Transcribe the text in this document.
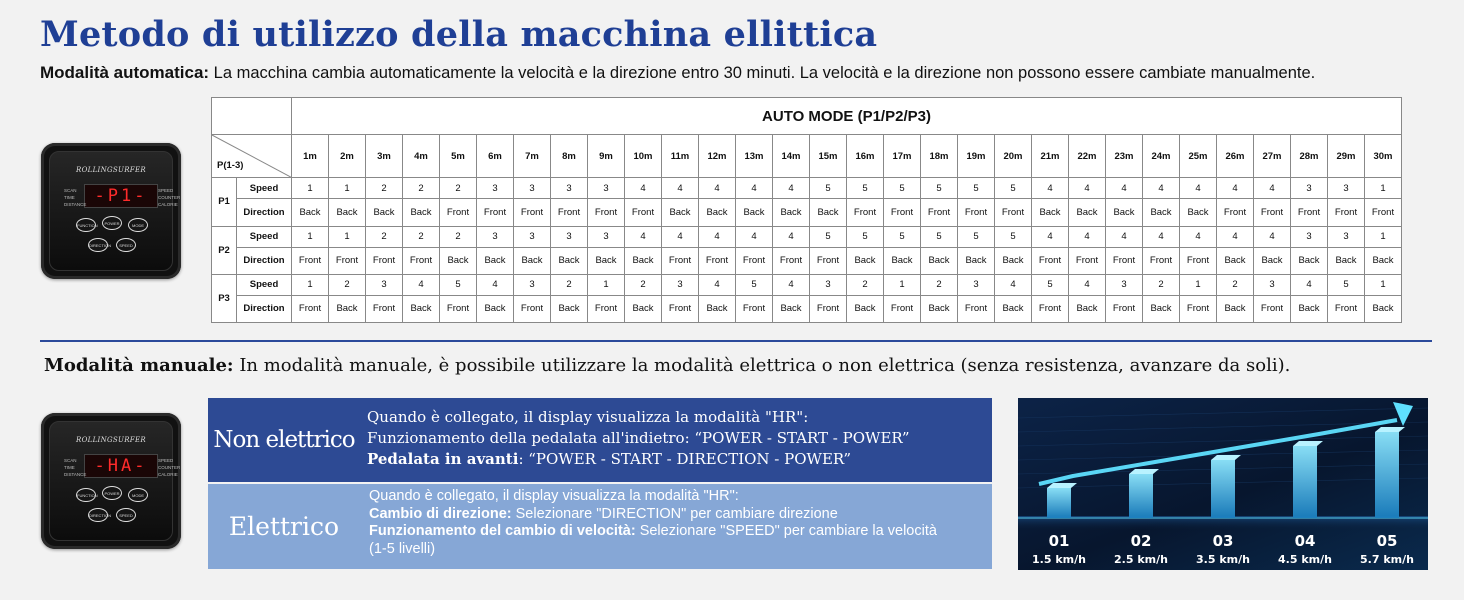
Metodo di utilizzo della macchina ellittica
Modalità automatica: La macchina cambia automaticamente la velocità e la direzione entro 30 minuti. La velocità e la direzione non possono essere cambiate manualmente.
ROLLINGSURFER
-P1-
SCAN
TIME
DISTANCE
SPEED
COUNTER
CALORIE
FUNCTION	POWER	MODE
DIRECTION	SPEED
ROLLINGSURFER
-HA-
SCAN
TIME
DISTANCE
SPEED
COUNTER
CALORIE
FUNCTION	POWER	MODE
DIRECTION	SPEED
		AUTO MODE (P1/P2/P3)																													

P(1-3)		1m	2m	3m	4m	5m	6m	7m	8m	9m	10m	11m	12m	13m	14m	15m	16m	17m	18m	19m	20m	21m	22m	23m	24m	25m	26m	27m	28m	29m	30m
P1	Speed	1	1	2	2	2	3	3	3	3	4	4	4	4	4	5	5	5	5	5	5	4	4	4	4	4	4	4	3	3	1
	Direction	Back	Back	Back	Back	Front	Front	Front	Front	Front	Front	Back	Back	Back	Back	Back	Front	Front	Front	Front	Front	Back	Back	Back	Back	Back	Front	Front	Front	Front	Front
P2	Speed	1	1	2	2	2	3	3	3	3	4	4	4	4	4	5	5	5	5	5	5	4	4	4	4	4	4	4	3	3	1
	Direction	Front	Front	Front	Front	Back	Back	Back	Back	Back	Back	Front	Front	Front	Front	Front	Back	Back	Back	Back	Back	Front	Front	Front	Front	Front	Back	Back	Back	Back	Back
P3	Speed	1	2	3	4	5	4	3	2	1	2	3	4	5	4	3	2	1	2	3	4	5	4	3	2	1	2	3	4	5	1
	Direction	Front	Back	Front	Back	Front	Back	Front	Back	Front	Back	Front	Back	Front	Back	Front	Back	Front	Back	Front	Back	Front	Back	Front	Back	Front	Back	Front	Back	Front	Back
Modalità manuale: In modalità manuale, è possibile utilizzare la modalità elettrica o non elettrica (senza resistenza, avanzare da soli).
Non elettrico
Quando è collegato, il display visualizza la modalità "HR":
Funzionamento della pedalata all'indietro: “POWER - START - POWER”
Pedalata in avanti: “POWER - START - DIRECTION - POWER”
Elettrico
Quando è collegato, il display visualizza la modalità "HR":
Cambio di direzione: Selezionare "DIRECTION" per cambiare direzione
Funzionamento del cambio di velocità: Selezionare "SPEED" per cambiare la velocità
(1-5 livelli)	01
1.5 km/h
02
2.5 km/h
03
3.5 km/h
04
4.5 km/h
05
5.7 km/h
